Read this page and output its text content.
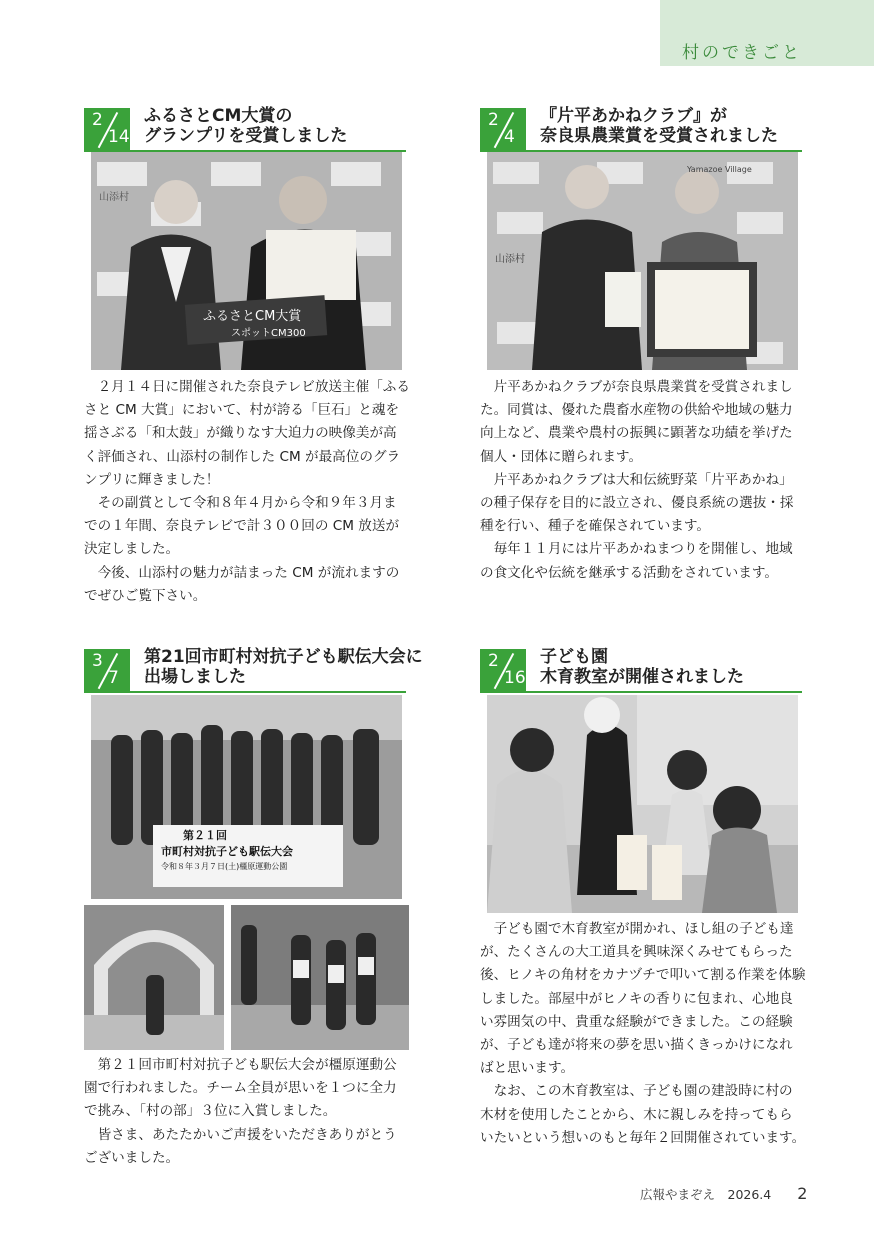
村のできごと
2
14
ふるさとCM大賞の
グランプリを受賞しました
ふるさとCM大賞
スポットCM300
山添村

２月１４日に開催された奈良テレビ放送主催「ふるさと CM 大賞」において、村が誇る「巨石」と魂を揺さぶる「和太鼓」が織りなす大迫力の映像美が高く評価され、山添村の制作した CM が最高位のグランプリに輝きました！

その副賞として令和８年４月から令和９年３月までの１年間、奈良テレビで計３００回の CM 放送が決定しました。

今後、山添村の魅力が詰まった CM が流れますのでぜひご覧下さい。

2
4
『片平あかねクラブ』が
奈良県農業賞を受賞されました
山添村
Yamazoe Village

片平あかねクラブが奈良県農業賞を受賞されました。同賞は、優れた農畜水産物の供給や地域の魅力向上など、農業や農村の振興に顕著な功績を挙げた個人・団体に贈られます。

片平あかねクラブは大和伝統野菜「片平あかね」の種子保存を目的に設立され、優良系統の選抜・採種を行い、種子を確保されています。

毎年１１月には片平あかねまつりを開催し、地域の食文化や伝統を継承する活動をされています。

3
7
第21回市町村対抗子ども駅伝大会に
出場しました
第２１回
市町村対抗子ども駅伝大会
令和８年３月７日(土)橿原運動公園

第２１回市町村対抗子ども駅伝大会が橿原運動公園で行われました。チーム全員が思いを１つに全力で挑み、「村の部」３位に入賞しました。

皆さま、あたたかいご声援をいただきありがとうございました。

2
16
子ども園
木育教室が開催されました

子ども園で木育教室が開かれ、ほし組の子ども達が、たくさんの大工道具を興味深くみせてもらった後、ヒノキの角材をカナヅチで叩いて割る作業を体験しました。部屋中がヒノキの香りに包まれ、心地良い雰囲気の中、貴重な経験ができました。この経験が、子ども達が将来の夢を思い描くきっかけになればと思います。

なお、この木育教室は、子ども園の建設時に村の木材を使用したことから、木に親しみを持ってもらいたいという想いのもと毎年２回開催されています。

広報やまぞえ　2026.4 2
